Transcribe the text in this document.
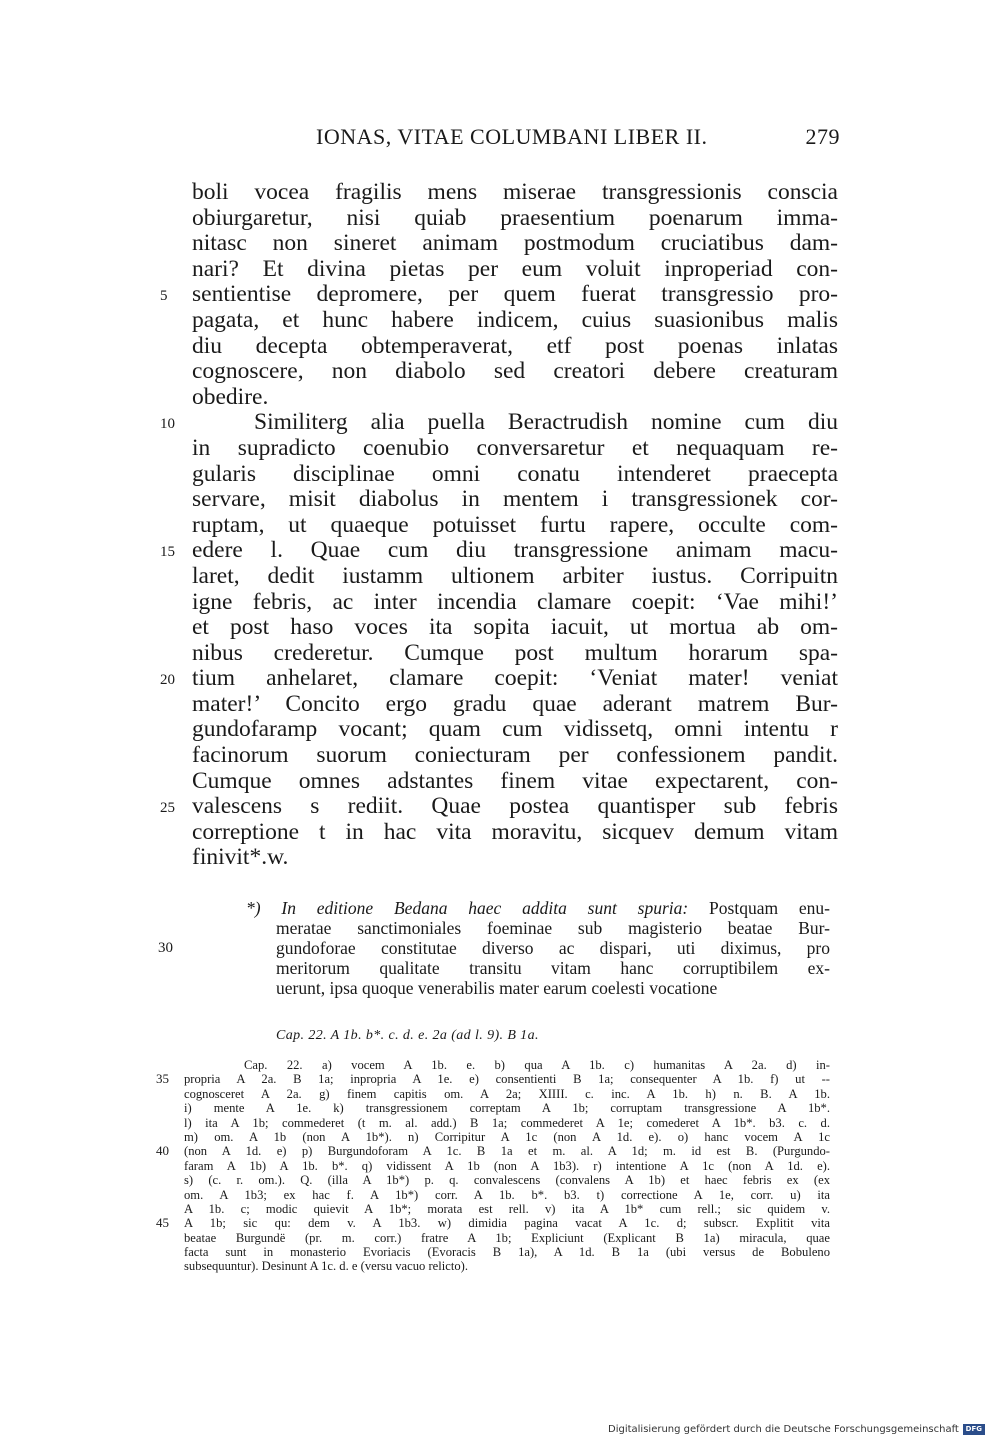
IONAS, VITAE COLUMBANI LIBER II.	279
boli vocea fragilis mens miserae transgressionis conscia
obiurgaretur, nisi quiab praesentium poenarum imma-
nitasc non sineret animam postmodum cruciatibus dam-
nari? Et divina pietas per eum voluit inproperiad con-
5	sentientise depromere, per quem fuerat transgressio pro-
pagata, et hunc habere indicem, cuius suasionibus malis
diu decepta obtemperaverat, etf post poenas inlatas
cognoscere, non diabolo sed creatori debere creaturam
obedire.
10	Similiterg alia puella Beractrudish nomine cum diu
in supradicto coenubio conversaretur et nequaquam re-
gularis disciplinae omni conatu intenderet praecepta
servare, misit diabolus in mentem i transgressionek cor-
ruptam, ut quaeque potuisset furtu rapere, occulte com-
15 edere l. Quae cum diu transgressione animam macu-
laret, dedit iustamm ultionem arbiter iustus. Corripuitn
igne febris, ac inter incendia clamare coepit: ‘Vae mihi!’
et post haso voces ita sopita iacuit, ut mortua ab om-
nibus crederetur. Cumque post multum horarum spa-
20 tium anhelaret, clamare coepit: ‘Veniat mater! veniat
mater!’ Concito ergo gradu quae aderant matrem Bur-
gundofaramp vocant; quam cum vidissetq, omni intentu r
facinorum suorum coniecturam per confessionem pandit.
Cumque omnes adstantes finem vitae expectarent, con-
25 valescens s rediit. Quae postea quantisper sub febris
correptione t in hac vita moravitu, sicquev demum vitam
finivit*.w.
*) In editione Bedana haec addita sunt spuria: Postquam enu-
meratae sanctimoniales foeminae sub magisterio beatae Bur-
30	gundoforae constitutae diverso ac dispari, uti diximus, pro
meritorum qualitate transitu vitam hanc corruptibilem ex-
uerunt, ipsa quoque venerabilis mater earum coelesti vocatione
Cap. 22. A 1b. b*. c. d. e. 2a (ad l. 9). B 1a.
Cap. 22. a) vocem A 1b. e. b) qua A 1b. c) humanitas A 2a. d) in-
35 propria A 2a. B 1a; inpropria A 1e. e) consentienti B 1a; consequenter A 1b. f) ut --
cognosceret A 2a. g) finem capitis om. A 2a; XIIII. c. inc. A 1b. h) n. B. A 1b.
i) mente A 1e. k) transgressionem correptam A 1b; corruptam transgressione A 1b*.
l) ita A 1b; commederet (t m. al. add.) B 1a; commederet A 1e; comederet A 1b*. b3. c. d.
m) om. A 1b (non A 1b*). n) Corripitur A 1c (non A 1d. e). o) hanc vocem A 1c
40 (non A 1d. e) p) Burgundoforam A 1c. B 1a et m. al. A 1d; m. id est B. (Purgundo-
faram A 1b) A 1b. b*. q) vidissent A 1b (non A 1b3). r) intentione A 1c (non A 1d. e).
s) (c. r. om.). Q. (illa A 1b*) p. q. convalescens (convalens A 1b) et haec febris ex (ex
om. A 1b3; ex hac f. A 1b*) corr. A 1b. b*. b3. t) correctione A 1e, corr. u) ita
A 1b. c; modic quievit A 1b*; morata est rell. v) ita A 1b* cum rell.; sic quidem v.
45 A 1b; sic qu: dem v. A 1b3. w) dimidia pagina vacat A 1c. d; subscr. Explitit vita
beatae Burgundë (pr. m. corr.) fratre A 1b; Expliciunt (Explicant B 1a) miracula, quae
facta sunt in monasterio Evoriacis (Evoracis B 1a), A 1d. B 1a (ubi versus de Bobuleno
subsequuntur). Desinunt A 1c. d. e (versu vacuo relicto).
Digitalisierung gefördert durch die Deutsche Forschungsgemeinschaft DFG
